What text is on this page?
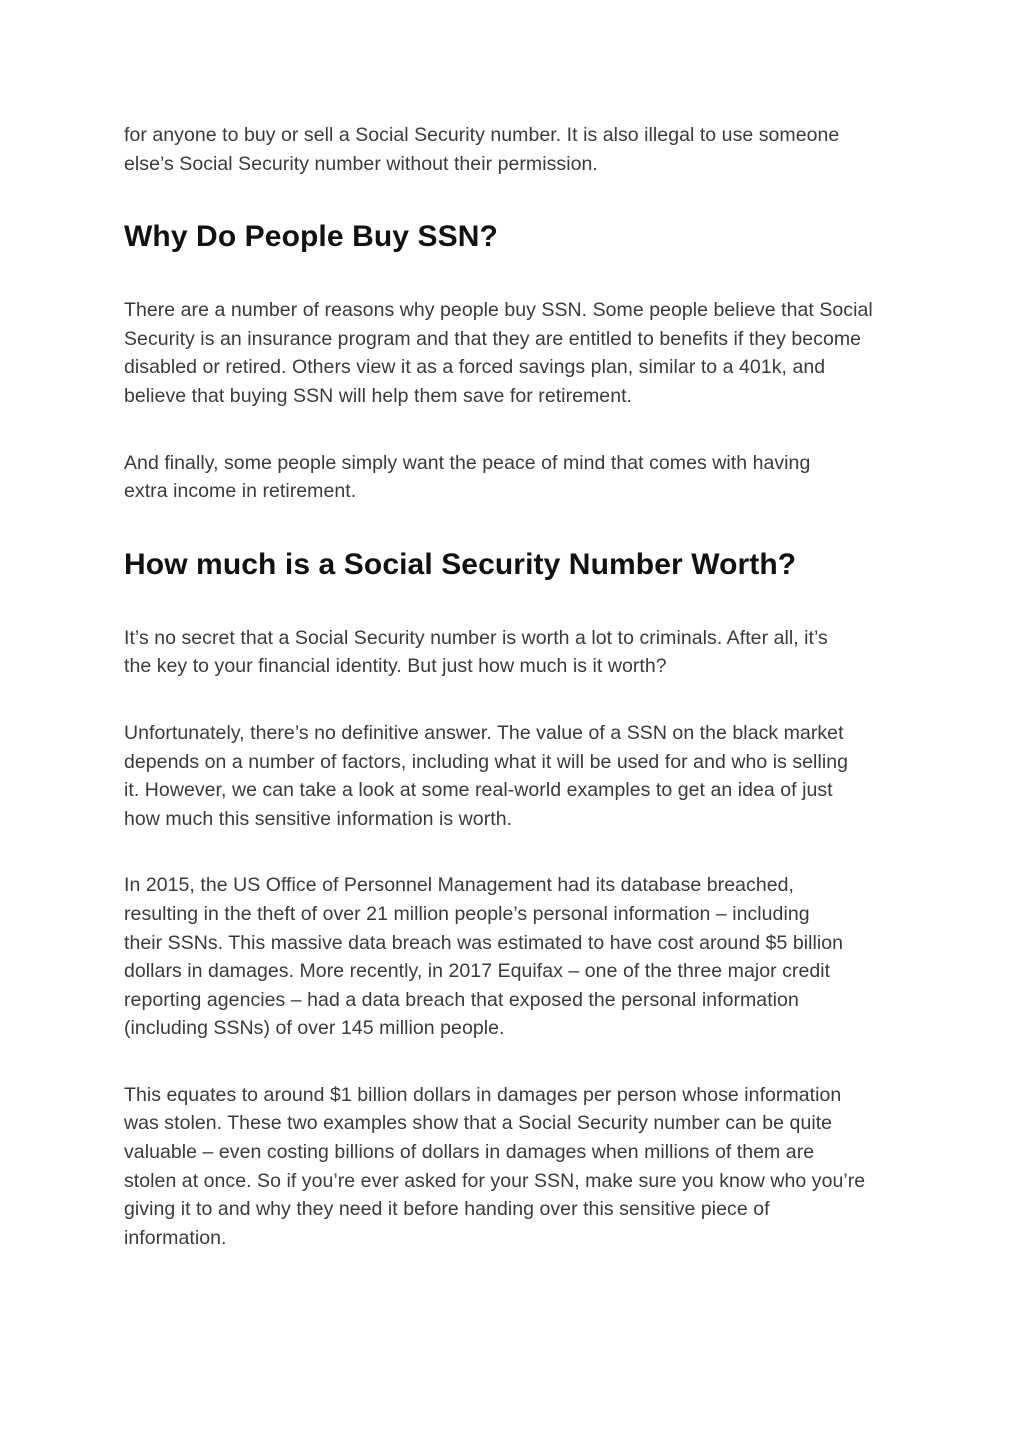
for anyone to buy or sell a Social Security number. It is also illegal to use someone
else’s Social Security number without their permission.

Why Do People Buy SSN?

There are a number of reasons why people buy SSN. Some people believe that Social
Security is an insurance program and that they are entitled to benefits if they become
disabled or retired. Others view it as a forced savings plan, similar to a 401k, and
believe that buying SSN will help them save for retirement.

And finally, some people simply want the peace of mind that comes with having
extra income in retirement.

How much is a Social Security Number Worth?

It’s no secret that a Social Security number is worth a lot to criminals. After all, it’s
the key to your financial identity. But just how much is it worth?

Unfortunately, there’s no definitive answer. The value of a SSN on the black market
depends on a number of factors, including what it will be used for and who is selling
it. However, we can take a look at some real-world examples to get an idea of just
how much this sensitive information is worth.

In 2015, the US Office of Personnel Management had its database breached,
resulting in the theft of over 21 million people’s personal information – including
their SSNs. This massive data breach was estimated to have cost around $5 billion
dollars in damages. More recently, in 2017 Equifax – one of the three major credit
reporting agencies – had a data breach that exposed the personal information
(including SSNs) of over 145 million people.

This equates to around $1 billion dollars in damages per person whose information
was stolen. These two examples show that a Social Security number can be quite
valuable – even costing billions of dollars in damages when millions of them are
stolen at once. So if you’re ever asked for your SSN, make sure you know who you’re
giving it to and why they need it before handing over this sensitive piece of
information.
